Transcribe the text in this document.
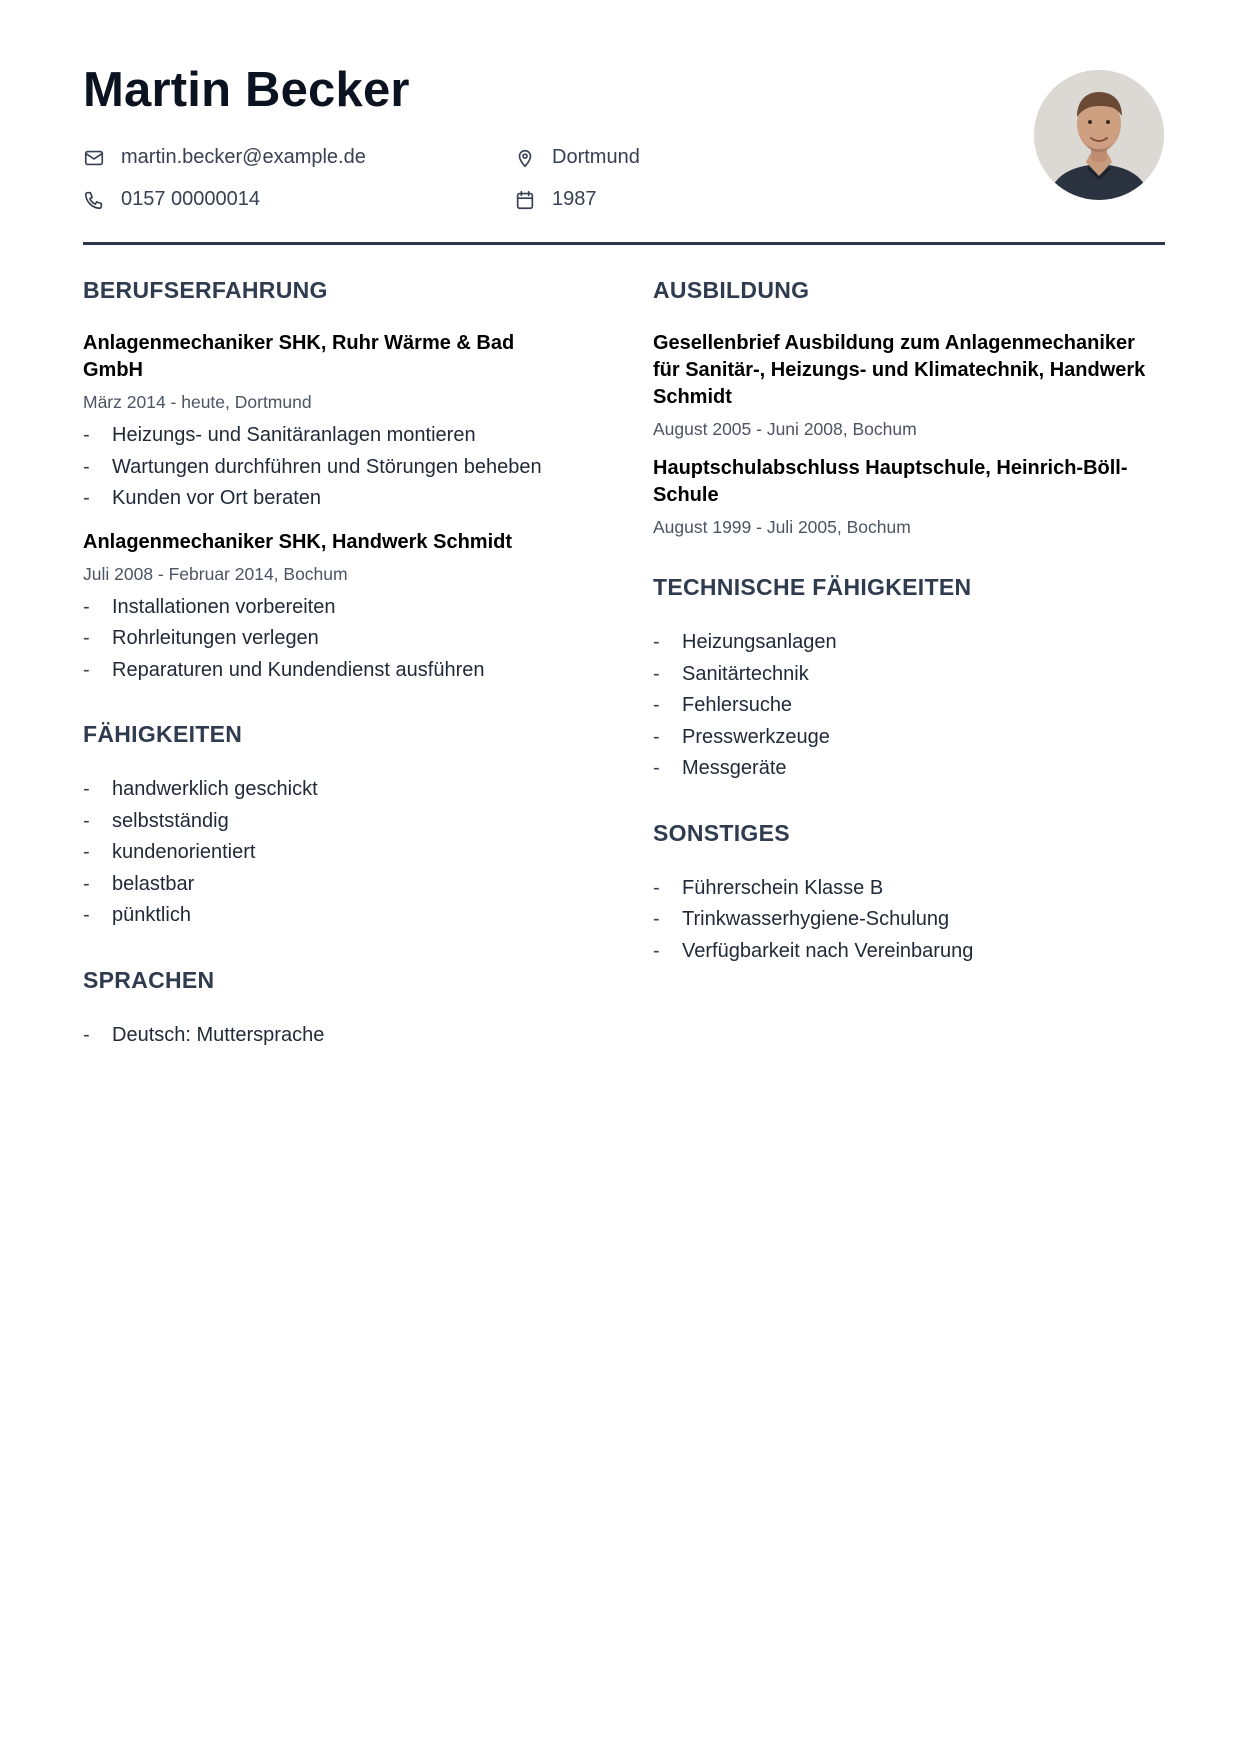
Martin Becker
martin.becker@example.de	Dortmund
0157 00000014	1987
BERUFSERFAHRUNG
Anlagenmechaniker SHK, Ruhr Wärme & Bad GmbH
März 2014 - heute, Dortmund
- Heizungs- und Sanitäranlagen montieren
- Wartungen durchführen und Störungen beheben
- Kunden vor Ort beraten
Anlagenmechaniker SHK, Handwerk Schmidt
Juli 2008 - Februar 2014, Bochum
- Installationen vorbereiten
- Rohrleitungen verlegen
- Reparaturen und Kundendienst ausführen
FÄHIGKEITEN
- handwerklich geschickt
- selbstständig
- kundenorientiert
- belastbar
- pünktlich
SPRACHEN
- Deutsch: Muttersprache
AUSBILDUNG
Gesellenbrief Ausbildung zum Anlagenmechaniker für Sanitär-, Heizungs- und Klimatechnik, Handwerk Schmidt
August 2005 - Juni 2008, Bochum
Hauptschulabschluss Hauptschule, Heinrich-Böll-Schule
August 1999 - Juli 2005, Bochum
TECHNISCHE FÄHIGKEITEN
- Heizungsanlagen
- Sanitärtechnik
- Fehlersuche
- Presswerkzeuge
- Messgeräte
SONSTIGES
- Führerschein Klasse B
- Trinkwasserhygiene-Schulung
- Verfügbarkeit nach Vereinbarung
